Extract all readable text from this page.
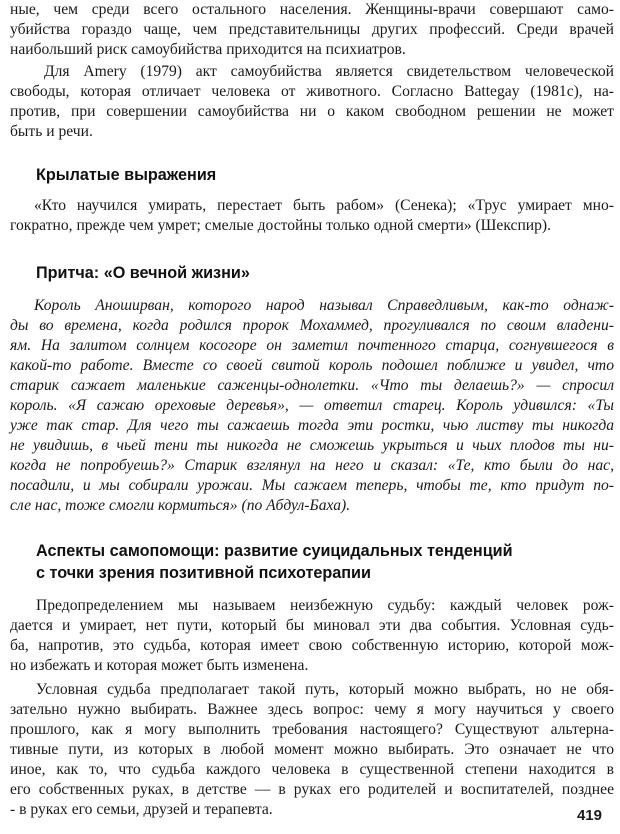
ные, чем среди всего остального населения. Женщины-врачи совершают само-
убийства гораздо чаще, чем представительницы других профессий. Среди врачей
наибольший риск самоубийства приходится на психиатров.
Для Amery (1979) акт самоубийства является свидетельством человеческой
свободы, которая отличает человека от животного. Согласно Battegay (1981c), на-
против, при совершении самоубийства ни о каком свободном решении не может
быть и речи.
Крылатые выражения
«Кто научился умирать, перестает быть рабом» (Сенека); «Трус умирает мно-
гократно, прежде чем умрет; смелые достойны только одной смерти» (Шекспир).
Притча: «О вечной жизни»
Король Аноширван, которого народ называл Справедливым, как-то однаж-
ды во времена, когда родился пророк Мохаммед, прогуливался по своим владени-
ям. На залитом солнцем косогоре он заметил почтенного старца, согнувшегося в
какой-то работе. Вместе со своей свитой король подошел поближе и увидел, что
старик сажает маленькие саженцы-однолетки. «Что ты делаешь?» — спросил
король. «Я сажаю ореховые деревья», — ответил старец. Король удивился: «Ты
уже так стар. Для чего ты сажаешь тогда эти ростки, чью листву ты никогда
не увидишь, в чьей тени ты никогда не сможешь укрыться и чьих плодов ты ни-
когда не попробуешь?» Старик взглянул на него и сказал: «Те, кто были до нас,
посадили, и мы собирали урожаи. Мы сажаем теперь, чтобы те, кто придут по-
сле нас, тоже смогли кормиться» (по Абдул-Баха).
Аспекты самопомощи: развитие суицидальных тенденций
с точки зрения позитивной психотерапии
Предопределением мы называем неизбежную судьбу: каждый человек рож-
дается и умирает, нет пути, который бы миновал эти два события. Условная судь-
ба, напротив, это судьба, которая имеет свою собственную историю, которой мож-
но избежать и которая может быть изменена.
Условная судьба предполагает такой путь, который можно выбрать, но не обя-
зательно нужно выбирать. Важнее здесь вопрос: чему я могу научиться у своего
прошлого, как я могу выполнить требования настоящего? Существуют альтерна-
тивные пути, из которых в любой момент можно выбирать. Это означает не что
иное, как то, что судьба каждого человека в существенной степени находится в
его собственных руках, в детстве — в руках его родителей и воспитателей, позднее
- в руках его семьи, друзей и терапевта.	419
